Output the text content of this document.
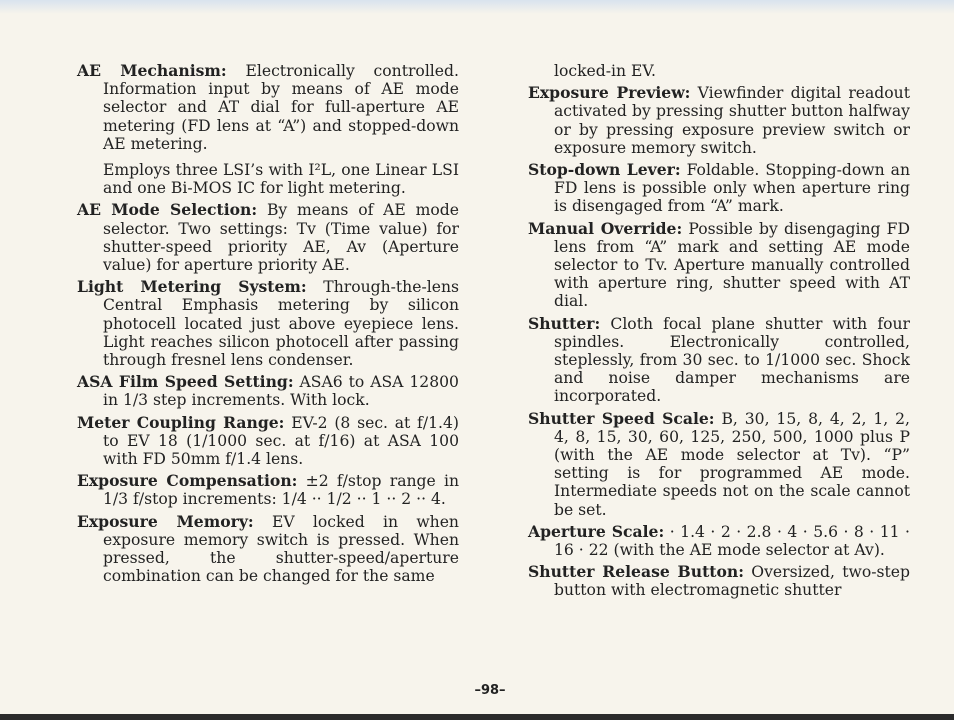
AE Mechanism: Electronically controlled. Information input by means of AE mode selector and AT dial for full-aperture AE metering (FD lens at “A”) and stopped-down AE metering.

Employs three LSI’s with I²L, one Linear LSI and one Bi-MOS IC for light metering.

AE Mode Selection: By means of AE mode selector. Two settings: Tv (Time value) for shutter-speed priority AE, Av (Aperture value) for aperture priority AE.

Light Metering System: Through-the-lens Central Emphasis metering by silicon photocell located just above eyepiece lens. Light reaches silicon photocell after passing through fresnel lens condenser.

ASA Film Speed Setting: ASA6 to ASA 12800 in 1/3 step increments. With lock.

Meter Coupling Range: EV-2 (8 sec. at f/1.4) to EV 18 (1/1000 sec. at f/16) at ASA 100 with FD 50mm f/1.4 lens.

Exposure Compensation: ±2 f/stop range in 1/3 f/stop increments: 1/4 ·· 1/2 ·· 1 ·· 2 ·· 4.

Exposure Memory: EV locked in when exposure memory switch is pressed. When pressed, the shutter-speed/aperture combination can be changed for the same

locked-in EV.

Exposure Preview: Viewfinder digital readout activated by pressing shutter button halfway or by pressing exposure preview switch or exposure memory switch.

Stop-down Lever: Foldable. Stopping-down an FD lens is possible only when aperture ring is disengaged from “A” mark.

Manual Override: Possible by disengaging FD lens from “A” mark and setting AE mode selector to Tv. Aperture manually controlled with aperture ring, shutter speed with AT dial.

Shutter: Cloth focal plane shutter with four spindles. Electronically controlled, steplessly, from 30 sec. to 1/1000 sec. Shock and noise damper mechanisms are incorporated.

Shutter Speed Scale: B, 30, 15, 8, 4, 2, 1, 2, 4, 8, 15, 30, 60, 125, 250, 500, 1000 plus P (with the AE mode selector at Tv). “P” setting is for programmed AE mode. Intermediate speeds not on the scale cannot be set.

Aperture Scale: · 1.4 · 2 · 2.8 · 4 · 5.6 · 8 · 11 · 16 · 22 (with the AE mode selector at Av).

Shutter Release Button: Oversized, two-step button with electromagnetic shutter

–98–
